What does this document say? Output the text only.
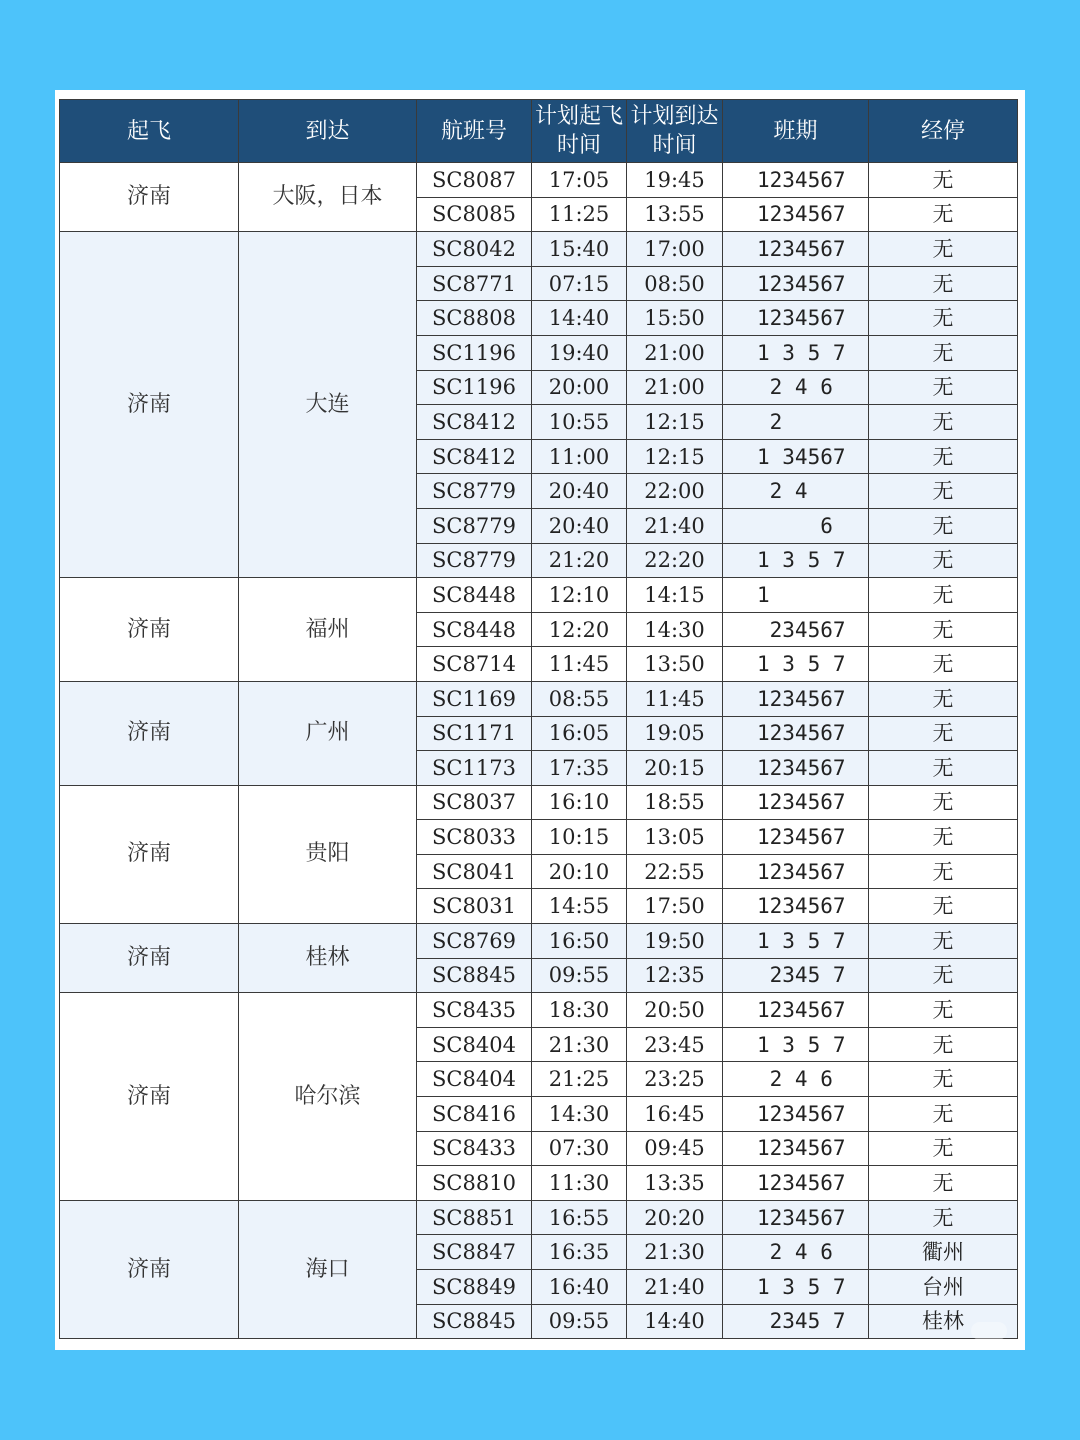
起飞	到达	航班号	计划起飞时间	计划到达时间	班期	经停
济南	大阪，日本	SC8087	17:05	19:45	1234567	无
		SC8085	11:25	13:55	1234567	无
济南	大连	SC8042	15:40	17:00	1234567	无
		SC8771	07:15	08:50	1234567	无
		SC8808	14:40	15:50	1234567	无
		SC1196	19:40	21:00	1 3 5 7	无
		SC1196	20:00	21:00	2 4 6	无
		SC8412	10:55	12:15	2	无
		SC8412	11:00	12:15	1 34567	无
		SC8779	20:40	22:00	2 4	无
		SC8779	20:40	21:40	6	无
		SC8779	21:20	22:20	1 3 5 7	无
济南	福州	SC8448	12:10	14:15	1	无
		SC8448	12:20	14:30	234567	无
		SC8714	11:45	13:50	1 3 5 7	无
济南	广州	SC1169	08:55	11:45	1234567	无
		SC1171	16:05	19:05	1234567	无
		SC1173	17:35	20:15	1234567	无
济南	贵阳	SC8037	16:10	18:55	1234567	无
		SC8033	10:15	13:05	1234567	无
		SC8041	20:10	22:55	1234567	无
		SC8031	14:55	17:50	1234567	无
济南	桂林	SC8769	16:50	19:50	1 3 5 7	无
		SC8845	09:55	12:35	2345 7	无
济南	哈尔滨	SC8435	18:30	20:50	1234567	无
		SC8404	21:30	23:45	1 3 5 7	无
		SC8404	21:25	23:25	2 4 6	无
		SC8416	14:30	16:45	1234567	无
		SC8433	07:30	09:45	1234567	无
		SC8810	11:30	13:35	1234567	无
济南	海口	SC8851	16:55	20:20	1234567	无
		SC8847	16:35	21:30	2 4 6	衢州
		SC8849	16:40	21:40	1 3 5 7	台州
		SC8845	09:55	14:40	2345 7	桂林
